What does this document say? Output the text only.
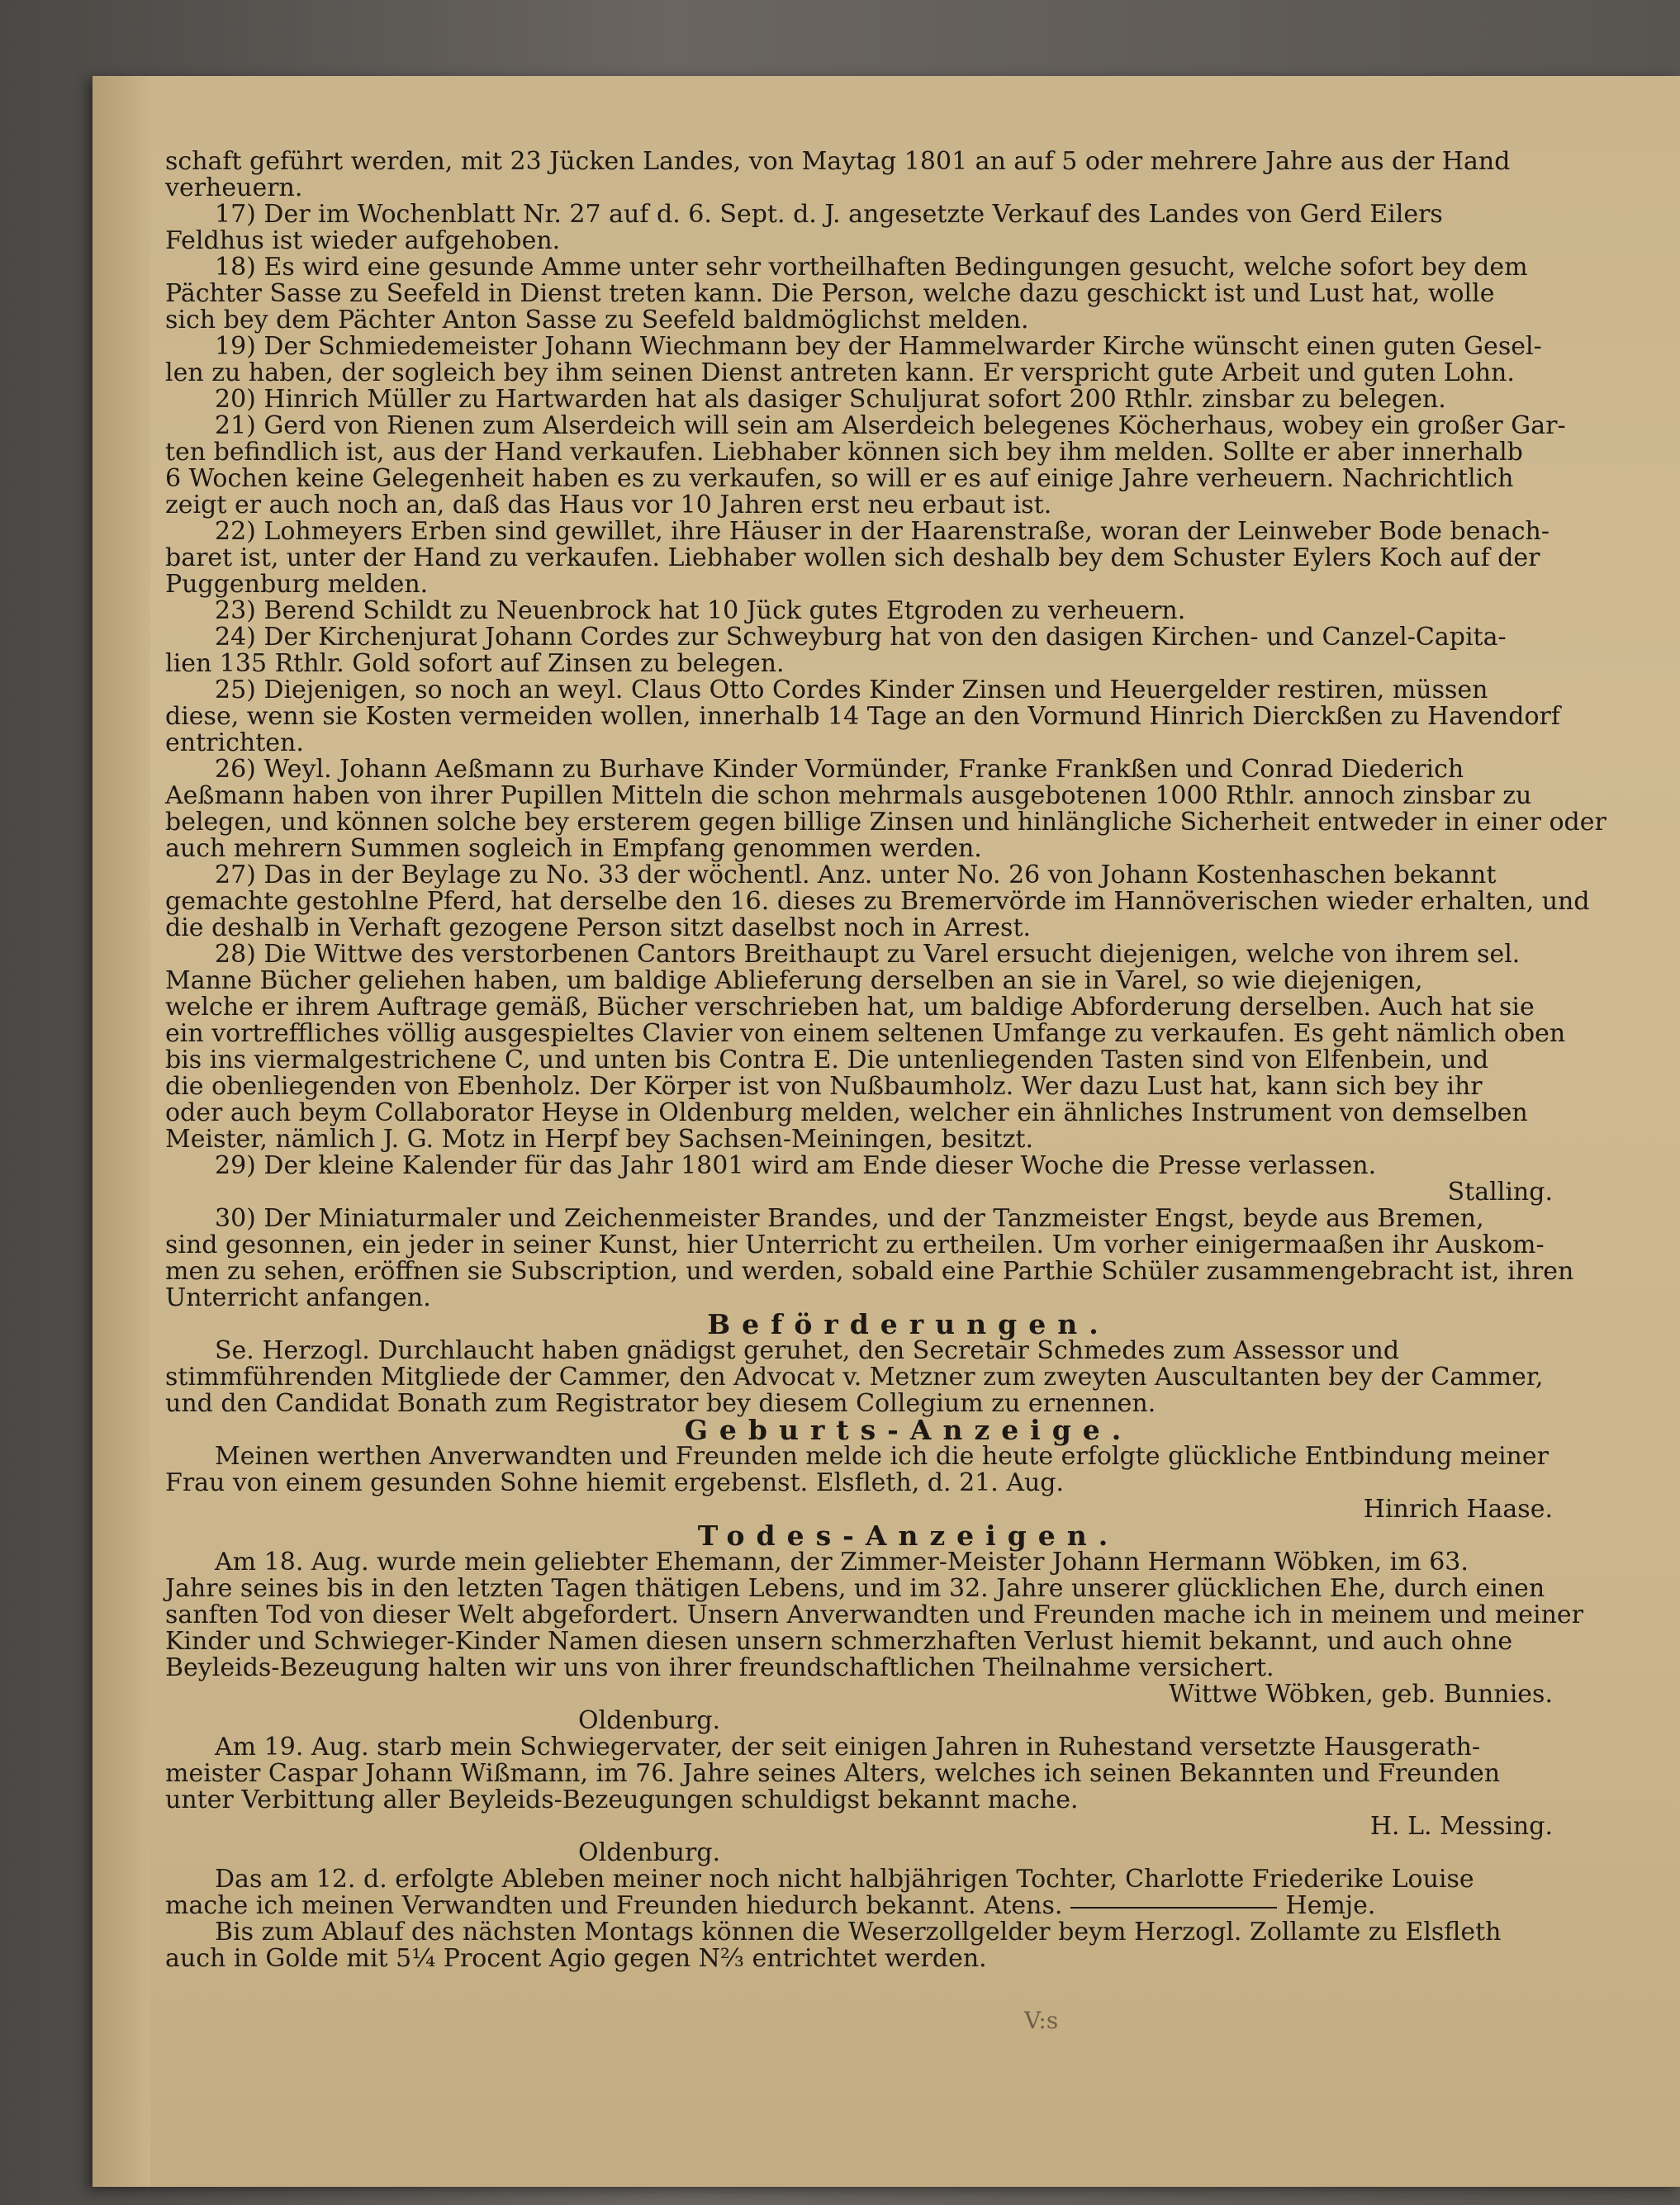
schaft geführt werden, mit 23 Jücken Landes, von Maytag 1801 an auf 5 oder mehrere Jahre aus der Hand
verheuern.
17) Der im Wochenblatt Nr. 27 auf d. 6. Sept. d. J. angesetzte Verkauf des Landes von Gerd Eilers
Feldhus ist wieder aufgehoben.
18) Es wird eine gesunde Amme unter sehr vortheilhaften Bedingungen gesucht, welche sofort bey dem
Pächter Sasse zu Seefeld in Dienst treten kann. Die Person, welche dazu geschickt ist und Lust hat, wolle
sich bey dem Pächter Anton Sasse zu Seefeld baldmöglichst melden.
19) Der Schmiedemeister Johann Wiechmann bey der Hammelwarder Kirche wünscht einen guten Gesel-
len zu haben, der sogleich bey ihm seinen Dienst antreten kann. Er verspricht gute Arbeit und guten Lohn.
20) Hinrich Müller zu Hartwarden hat als dasiger Schuljurat sofort 200 Rthlr. zinsbar zu belegen.
21) Gerd von Rienen zum Alserdeich will sein am Alserdeich belegenes Köcherhaus, wobey ein großer Gar-
ten befindlich ist, aus der Hand verkaufen. Liebhaber können sich bey ihm melden. Sollte er aber innerhalb
6 Wochen keine Gelegenheit haben es zu verkaufen, so will er es auf einige Jahre verheuern. Nachrichtlich
zeigt er auch noch an, daß das Haus vor 10 Jahren erst neu erbaut ist.
22) Lohmeyers Erben sind gewillet, ihre Häuser in der Haarenstraße, woran der Leinweber Bode benach-
baret ist, unter der Hand zu verkaufen. Liebhaber wollen sich deshalb bey dem Schuster Eylers Koch auf der
Puggenburg melden.
23) Berend Schildt zu Neuenbrock hat 10 Jück gutes Etgroden zu verheuern.
24) Der Kirchenjurat Johann Cordes zur Schweyburg hat von den dasigen Kirchen- und Canzel-Capita-
lien 135 Rthlr. Gold sofort auf Zinsen zu belegen.
25) Diejenigen, so noch an weyl. Claus Otto Cordes Kinder Zinsen und Heuergelder restiren, müssen
diese, wenn sie Kosten vermeiden wollen, innerhalb 14 Tage an den Vormund Hinrich Dierckßen zu Havendorf
entrichten.
26) Weyl. Johann Aeßmann zu Burhave Kinder Vormünder, Franke Frankßen und Conrad Diederich
Aeßmann haben von ihrer Pupillen Mitteln die schon mehrmals ausgebotenen 1000 Rthlr. annoch zinsbar zu
belegen, und können solche bey ersterem gegen billige Zinsen und hinlängliche Sicherheit entweder in einer oder
auch mehrern Summen sogleich in Empfang genommen werden.
27) Das in der Beylage zu No. 33 der wöchentl. Anz. unter No. 26 von Johann Kostenhaschen bekannt
gemachte gestohlne Pferd, hat derselbe den 16. dieses zu Bremervörde im Hannöverischen wieder erhalten, und
die deshalb in Verhaft gezogene Person sitzt daselbst noch in Arrest.
28) Die Wittwe des verstorbenen Cantors Breithaupt zu Varel ersucht diejenigen, welche von ihrem sel.
Manne Bücher geliehen haben, um baldige Ablieferung derselben an sie in Varel, so wie diejenigen,
welche er ihrem Auftrage gemäß, Bücher verschrieben hat, um baldige Abforderung derselben. Auch hat sie
ein vortreffliches völlig ausgespieltes Clavier von einem seltenen Umfange zu verkaufen. Es geht nämlich oben
bis ins viermalgestrichene C, und unten bis Contra E. Die untenliegenden Tasten sind von Elfenbein, und
die obenliegenden von Ebenholz. Der Körper ist von Nußbaumholz. Wer dazu Lust hat, kann sich bey ihr
oder auch beym Collaborator Heyse in Oldenburg melden, welcher ein ähnliches Instrument von demselben
Meister, nämlich J. G. Motz in Herpf bey Sachsen-Meiningen, besitzt.
29) Der kleine Kalender für das Jahr 1801 wird am Ende dieser Woche die Presse verlassen.
Stalling.
30) Der Miniaturmaler und Zeichenmeister Brandes, und der Tanzmeister Engst, beyde aus Bremen,
sind gesonnen, ein jeder in seiner Kunst, hier Unterricht zu ertheilen. Um vorher einigermaaßen ihr Auskom-
men zu sehen, eröffnen sie Subscription, und werden, sobald eine Parthie Schüler zusammengebracht ist, ihren
Unterricht anfangen.
Beförderungen.
Se. Herzogl. Durchlaucht haben gnädigst geruhet, den Secretair Schmedes zum Assessor und
stimmführenden Mitgliede der Cammer, den Advocat v. Metzner zum zweyten Auscultanten bey der Cammer,
und den Candidat Bonath zum Registrator bey diesem Collegium zu ernennen.
Geburts-Anzeige.
Meinen werthen Anverwandten und Freunden melde ich die heute erfolgte glückliche Entbindung meiner
Frau von einem gesunden Sohne hiemit ergebenst. Elsfleth, d. 21. Aug.
Hinrich Haase.
Todes-Anzeigen.
Am 18. Aug. wurde mein geliebter Ehemann, der Zimmer-Meister Johann Hermann Wöbken, im 63.
Jahre seines bis in den letzten Tagen thätigen Lebens, und im 32. Jahre unserer glücklichen Ehe, durch einen
sanften Tod von dieser Welt abgefordert. Unsern Anverwandten und Freunden mache ich in meinem und meiner
Kinder und Schwieger-Kinder Namen diesen unsern schmerzhaften Verlust hiemit bekannt, und auch ohne
Beyleids-Bezeugung halten wir uns von ihrer freundschaftlichen Theilnahme versichert.
Wittwe Wöbken, geb. Bunnies.
Oldenburg.
Am 19. Aug. starb mein Schwiegervater, der seit einigen Jahren in Ruhestand versetzte Hausgerath-
meister Caspar Johann Wißmann, im 76. Jahre seines Alters, welches ich seinen Bekannten und Freunden
unter Verbittung aller Beyleids-Bezeugungen schuldigst bekannt mache.
H. L. Messing.
Oldenburg.
Das am 12. d. erfolgte Ableben meiner noch nicht halbjährigen Tochter, Charlotte Friederike Louise
mache ich meinen Verwandten und Freunden hiedurch bekannt. Atens.	Hemje.
Bis zum Ablauf des nächsten Montags können die Weserzollgelder beym Herzogl. Zollamte zu Elsfleth
auch in Golde mit 5¼ Procent Agio gegen N⅔ entrichtet werden.
V:s
